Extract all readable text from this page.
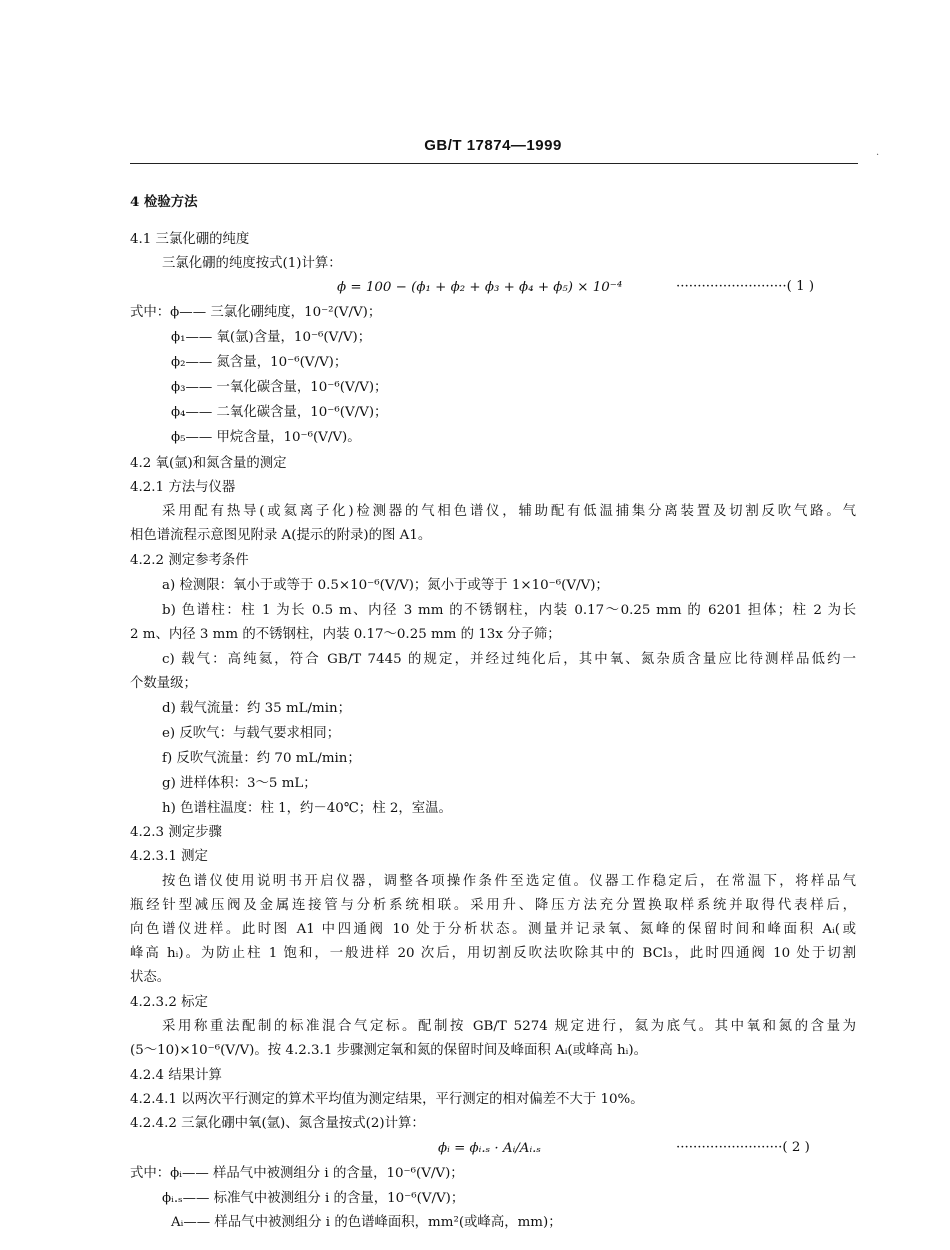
GB/T 17874—1999
·
4 检验方法
4.1 三氯化硼的纯度
三氯化硼的纯度按式(1)计算：
ϕ = 100 − (ϕ₁ + ϕ₂ + ϕ₃ + ϕ₄ + ϕ₅) × 10⁻⁴	··························( 1 )
式中：ϕ—— 三氯化硼纯度，10⁻²(V/V)；
ϕ₁—— 氧(氩)含量，10⁻⁶(V/V)；
ϕ₂—— 氮含量，10⁻⁶(V/V)；
ϕ₃—— 一氧化碳含量，10⁻⁶(V/V)；
ϕ₄—— 二氧化碳含量，10⁻⁶(V/V)；
ϕ₅—— 甲烷含量，10⁻⁶(V/V)。
4.2 氧(氩)和氮含量的测定
4.2.1 方法与仪器
采用配有热导(或氦离子化)检测器的气相色谱仪，辅助配有低温捕集分离装置及切割反吹气路。气
相色谱流程示意图见附录 A(提示的附录)的图 A1。
4.2.2 测定参考条件
a) 检测限：氧小于或等于 0.5×10⁻⁶(V/V)；氮小于或等于 1×10⁻⁶(V/V)；
b) 色谱柱：柱 1 为长 0.5 m、内径 3 mm 的不锈钢柱，内装 0.17～0.25 mm 的 6201 担体；柱 2 为长
2 m、内径 3 mm 的不锈钢柱，内装 0.17～0.25 mm 的 13x 分子筛；
c) 载气：高纯氦，符合 GB/T 7445 的规定，并经过纯化后，其中氧、氮杂质含量应比待测样品低约一
个数量级；
d) 载气流量：约 35 mL/min；
e) 反吹气：与载气要求相同；
f) 反吹气流量：约 70 mL/min；
g) 进样体积：3～5 mL；
h) 色谱柱温度：柱 1，约－40℃；柱 2，室温。
4.2.3 测定步骤
4.2.3.1 测定
按色谱仪使用说明书开启仪器，调整各项操作条件至选定值。仪器工作稳定后，在常温下，将样品气
瓶经针型减压阀及金属连接管与分析系统相联。采用升、降压方法充分置换取样系统并取得代表样后，
向色谱仪进样。此时图 A1 中四通阀 10 处于分析状态。测量并记录氧、氮峰的保留时间和峰面积 Aᵢ(或
峰高 hᵢ)。为防止柱 1 饱和，一般进样 20 次后，用切割反吹法吹除其中的 BCl₃，此时四通阀 10 处于切割
状态。
4.2.3.2 标定
采用称重法配制的标准混合气定标。配制按 GB/T 5274 规定进行，氦为底气。其中氧和氮的含量为
(5～10)×10⁻⁶(V/V)。按 4.2.3.1 步骤测定氧和氮的保留时间及峰面积 Aᵢ(或峰高 hᵢ)。
4.2.4 结果计算
4.2.4.1 以两次平行测定的算术平均值为测定结果，平行测定的相对偏差不大于 10%。
4.2.4.2 三氯化硼中氧(氩)、氮含量按式(2)计算：
ϕᵢ = ϕᵢ.ₛ · Aᵢ/Aᵢ.ₛ	·························( 2 )
式中：ϕᵢ—— 样品气中被测组分 i 的含量，10⁻⁶(V/V)；
ϕᵢ.ₛ—— 标准气中被测组分 i 的含量，10⁻⁶(V/V)；
Aᵢ—— 样品气中被测组分 i 的色谱峰面积，mm²(或峰高，mm)；
